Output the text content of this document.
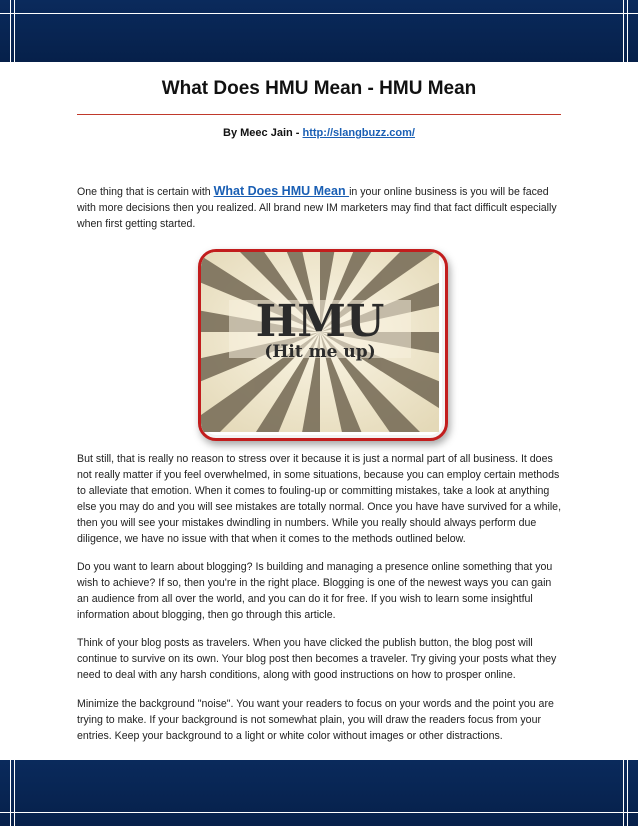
What Does HMU Mean - HMU Mean
By Meec Jain - http://slangbuzz.com/

One thing that is certain with What Does HMU Mean in your online business is you will be faced with more decisions then you realized. All brand new IM marketers may find that fact difficult especially when first getting started.

HMU
(Hit me up)

But still, that is really no reason to stress over it because it is just a normal part of all business. It does not really matter if you feel overwhelmed, in some situations, because you can employ certain methods to alleviate that emotion. When it comes to fouling-up or committing mistakes, take a look at anything else you may do and you will see mistakes are totally normal. Once you have have survived for a while, then you will see your mistakes dwindling in numbers. While you really should always perform due diligence, we have no issue with that when it comes to the methods outlined below.

Do you want to learn about blogging? Is building and managing a presence online something that you wish to achieve? If so, then you're in the right place. Blogging is one of the newest ways you can gain an audience from all over the world, and you can do it for free. If you wish to learn some insightful information about blogging, then go through this article.

Think of your blog posts as travelers. When you have clicked the publish button, the blog post will continue to survive on its own. Your blog post then becomes a traveler. Try giving your posts what they need to deal with any harsh conditions, along with good instructions on how to prosper online.

Minimize the background "noise". You want your readers to focus on your words and the point you are trying to make. If your background is not somewhat plain, you will draw the readers focus from your entries. Keep your background to a light or white color without images or other distractions.
